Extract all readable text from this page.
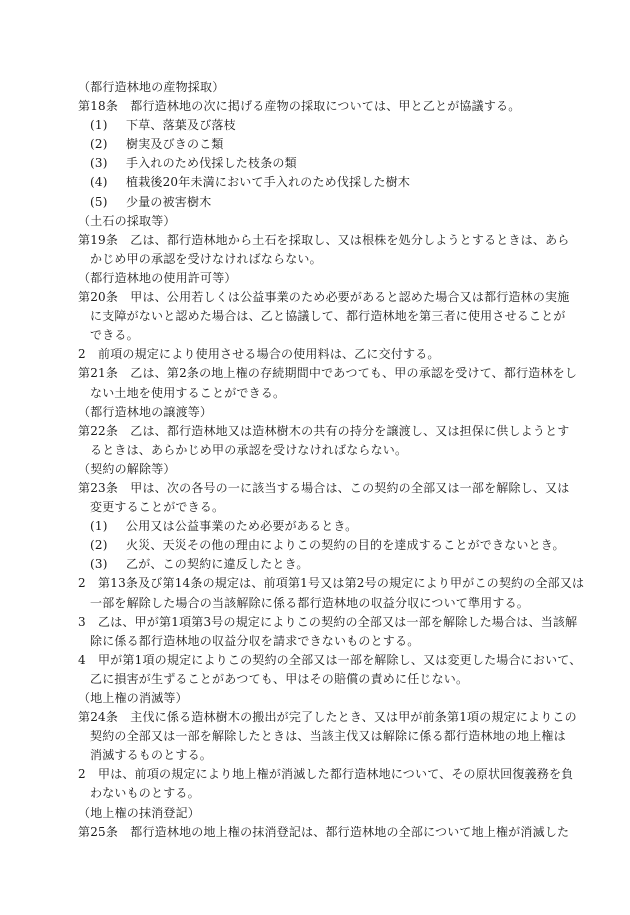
（都行造林地の産物採取）
第18条　都行造林地の次に掲げる産物の採取については、甲と乙とが協議する。
(1) 下草、落葉及び落枝
(2) 樹実及びきのこ類
(3) 手入れのため伐採した枝条の類
(4) 植栽後20年未満において手入れのため伐採した樹木
(5) 少量の被害樹木
（土石の採取等）
第19条　乙は、都行造林地から土石を採取し、又は根株を処分しようとするときは、あら
かじめ甲の承認を受けなければならない。
（都行造林地の使用許可等）
第20条　甲は、公用若しくは公益事業のため必要があると認めた場合又は都行造林の実施
に支障がないと認めた場合は、乙と協議して、都行造林地を第三者に使用させることが
できる。
2　前項の規定により使用させる場合の使用料は、乙に交付する。
第21条　乙は、第2条の地上権の存続期間中であつても、甲の承認を受けて、都行造林をし
ない土地を使用することができる。
（都行造林地の譲渡等）
第22条　乙は、都行造林地又は造林樹木の共有の持分を譲渡し、又は担保に供しようとす
るときは、あらかじめ甲の承認を受けなければならない。
（契約の解除等）
第23条　甲は、次の各号の一に該当する場合は、この契約の全部又は一部を解除し、又は
変更することができる。
(1) 公用又は公益事業のため必要があるとき。
(2) 火災、天災その他の理由によりこの契約の目的を達成することができないとき。
(3) 乙が、この契約に違反したとき。
2　第13条及び第14条の規定は、前項第1号又は第2号の規定により甲がこの契約の全部又は
一部を解除した場合の当該解除に係る都行造林地の収益分収について準用する。
3　乙は、甲が第1項第3号の規定によりこの契約の全部又は一部を解除した場合は、当該解
除に係る都行造林地の収益分収を請求できないものとする。
4　甲が第1項の規定によりこの契約の全部又は一部を解除し、又は変更した場合において、
乙に損害が生ずることがあつても、甲はその賠償の責めに任じない。
（地上権の消滅等）
第24条　主伐に係る造林樹木の搬出が完了したとき、又は甲が前条第1項の規定によりこの
契約の全部又は一部を解除したときは、当該主伐又は解除に係る都行造林地の地上権は
消滅するものとする。
2　甲は、前項の規定により地上権が消滅した都行造林地について、その原状回復義務を負
わないものとする。
（地上権の抹消登記）
第25条　都行造林地の地上権の抹消登記は、都行造林地の全部について地上権が消滅した
